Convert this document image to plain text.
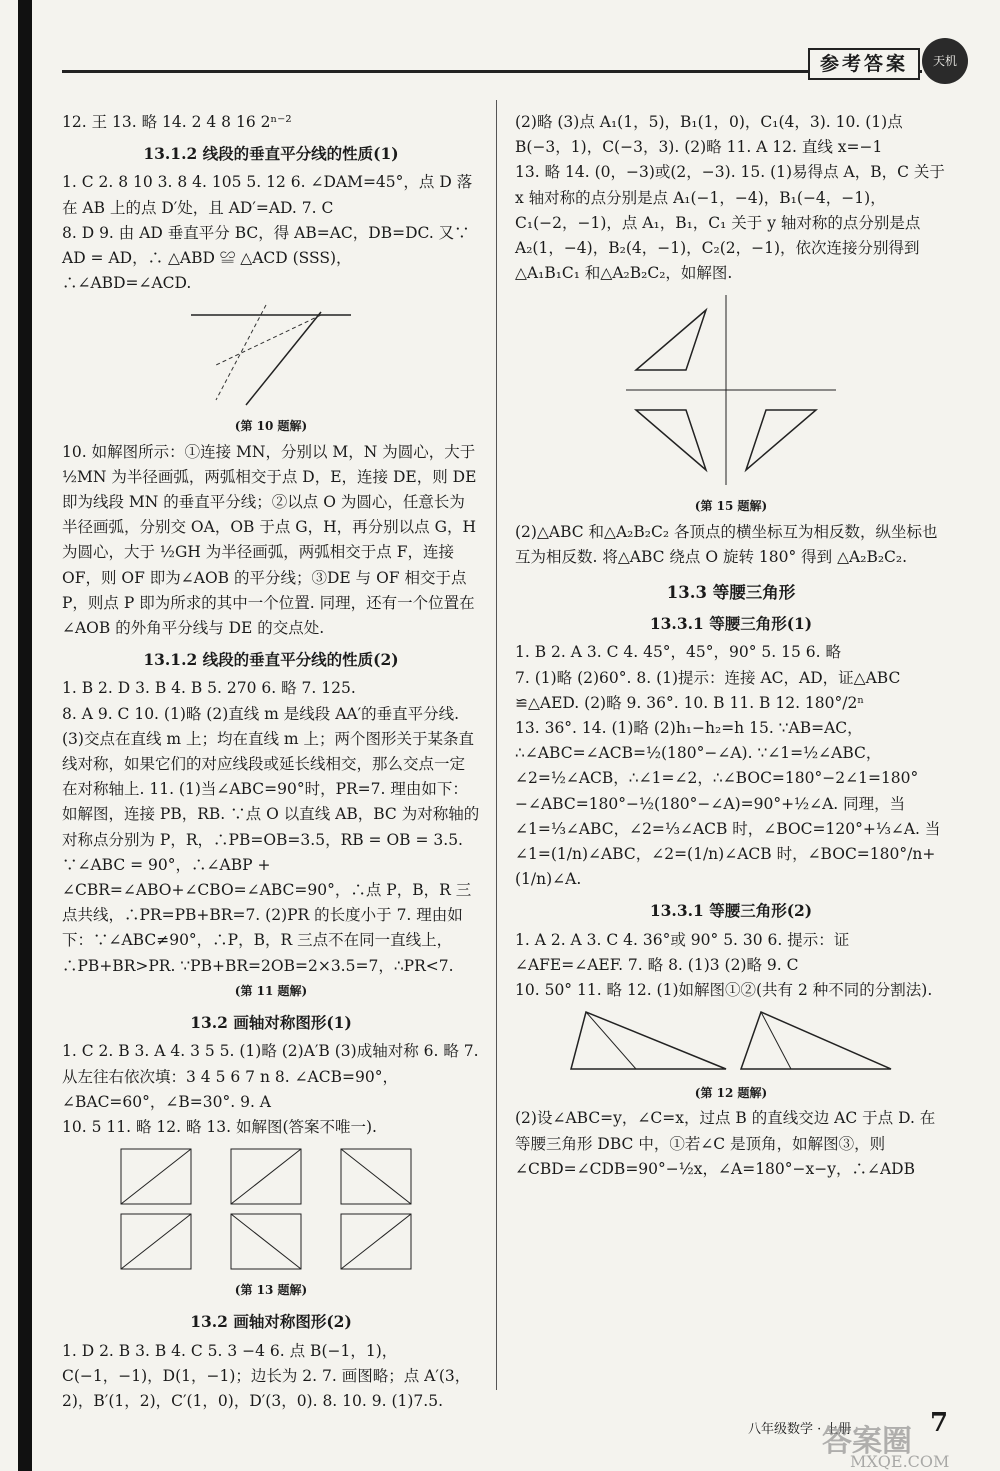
参考答案	天机

12. 王 13. 略 14. 2 4 8 16 2ⁿ⁻²

13.1.2 线段的垂直平分线的性质(1)

1. C 2. 8 10 3. 8 4. 105 5. 12 6. ∠DAM=45°，点 D 落在 AB 上的点 D′处，且 AD′=AD. 7. C

8. D 9. 由 AD 垂直平分 BC，得 AB=AC，DB=DC. 又∵ AD = AD，∴ △ABD ≌ △ACD (SSS)，∴∠ABD=∠ACD.

(第 10 题解)

10. 如解图所示：①连接 MN，分别以 M，N 为圆心，大于 ½MN 为半径画弧，两弧相交于点 D，E，连接 DE，则 DE 即为线段 MN 的垂直平分线；②以点 O 为圆心，任意长为半径画弧，分别交 OA，OB 于点 G，H，再分别以点 G，H 为圆心，大于 ½GH 为半径画弧，两弧相交于点 F，连接 OF，则 OF 即为∠AOB 的平分线；③DE 与 OF 相交于点 P，则点 P 即为所求的其中一个位置. 同理，还有一个位置在∠AOB 的外角平分线与 DE 的交点处.

13.1.2 线段的垂直平分线的性质(2)

1. B 2. D 3. B 4. B 5. 270 6. 略 7. 125.

8. A 9. C 10. (1)略 (2)直线 m 是线段 AA′的垂直平分线. (3)交点在直线 m 上；均在直线 m 上；两个图形关于某条直线对称，如果它们的对应线段或延长线相交，那么交点一定在对称轴上. 11. (1)当∠ABC=90°时，PR=7. 理由如下：如解图，连接 PB，RB. ∵点 O 以直线 AB，BC 为对称轴的对称点分别为 P，R，∴PB=OB=3.5，RB = OB = 3.5. ∵∠ABC = 90°，∴∠ABP + ∠CBR=∠ABO+∠CBO=∠ABC=90°，∴点 P，B，R 三点共线，∴PR=PB+BR=7. (2)PR 的长度小于 7. 理由如下：∵∠ABC≠90°，∴P，B，R 三点不在同一直线上，∴PB+BR>PR. ∵PB+BR=2OB=2×3.5=7，∴PR<7.

(第 11 题解)

13.2 画轴对称图形(1)

1. C 2. B 3. A 4. 3 5 5. (1)略 (2)A′B (3)成轴对称 6. 略 7. 从左往右依次填：3 4 5 6 7 n 8. ∠ACB=90°，∠BAC=60°，∠B=30°. 9. A

10. 5 11. 略 12. 略 13. 如解图(答案不唯一).

(第 13 题解)

13.2 画轴对称图形(2)

1. D 2. B 3. B 4. C 5. 3 −4 6. 点 B(−1，1)，C(−1，−1)，D(1，−1)；边长为 2. 7. 画图略；点 A′(3，2)，B′(1，2)，C′(1，0)，D′(3，0). 8. 10. 9. (1)7.5.

(2)略 (3)点 A₁(1，5)，B₁(1，0)，C₁(4，3). 10. (1)点 B(−3，1)，C(−3，3). (2)略 11. A 12. 直线 x=−1

13. 略 14. (0，−3)或(2，−3). 15. (1)易得点 A，B，C 关于 x 轴对称的点分别是点 A₁(−1，−4)，B₁(−4，−1)，C₁(−2，−1)，点 A₁，B₁，C₁ 关于 y 轴对称的点分别是点 A₂(1，−4)，B₂(4，−1)，C₂(2，−1)，依次连接分别得到 △A₁B₁C₁ 和△A₂B₂C₂，如解图.

(第 15 题解)

(2)△ABC 和△A₂B₂C₂ 各顶点的横坐标互为相反数，纵坐标也互为相反数. 将△ABC 绕点 O 旋转 180° 得到 △A₂B₂C₂.

13.3 等腰三角形
13.3.1 等腰三角形(1)

1. B 2. A 3. C 4. 45°，45°，90° 5. 15 6. 略

7. (1)略 (2)60°. 8. (1)提示：连接 AC，AD，证△ABC ≌△AED. (2)略 9. 36°. 10. B 11. B 12. 180°/2ⁿ

13. 36°. 14. (1)略 (2)h₁−h₂=h 15. ∵AB=AC，∴∠ABC=∠ACB=½(180°−∠A). ∵∠1=½∠ABC，∠2=½∠ACB，∴∠1=∠2，∴∠BOC=180°−2∠1=180°−∠ABC=180°−½(180°−∠A)=90°+½∠A. 同理，当∠1=⅓∠ABC，∠2=⅓∠ACB 时，∠BOC=120°+⅓∠A. 当∠1=(1/n)∠ABC，∠2=(1/n)∠ACB 时，∠BOC=180°/n+(1/n)∠A.

13.3.1 等腰三角形(2)

1. A 2. A 3. C 4. 36°或 90° 5. 30 6. 提示：证∠AFE=∠AEF. 7. 略 8. (1)3 (2)略 9. C

10. 50° 11. 略 12. (1)如解图①②(共有 2 种不同的分割法).

(第 12 题解)

(2)设∠ABC=y，∠C=x，过点 B 的直线交边 AC 于点 D. 在等腰三角形 DBC 中，①若∠C 是顶角，如解图③，则∠CBD=∠CDB=90°−½x，∠A=180°−x−y，∴∠ADB

八年级数学 · 上册	7
答案圈
MXQE.COM
